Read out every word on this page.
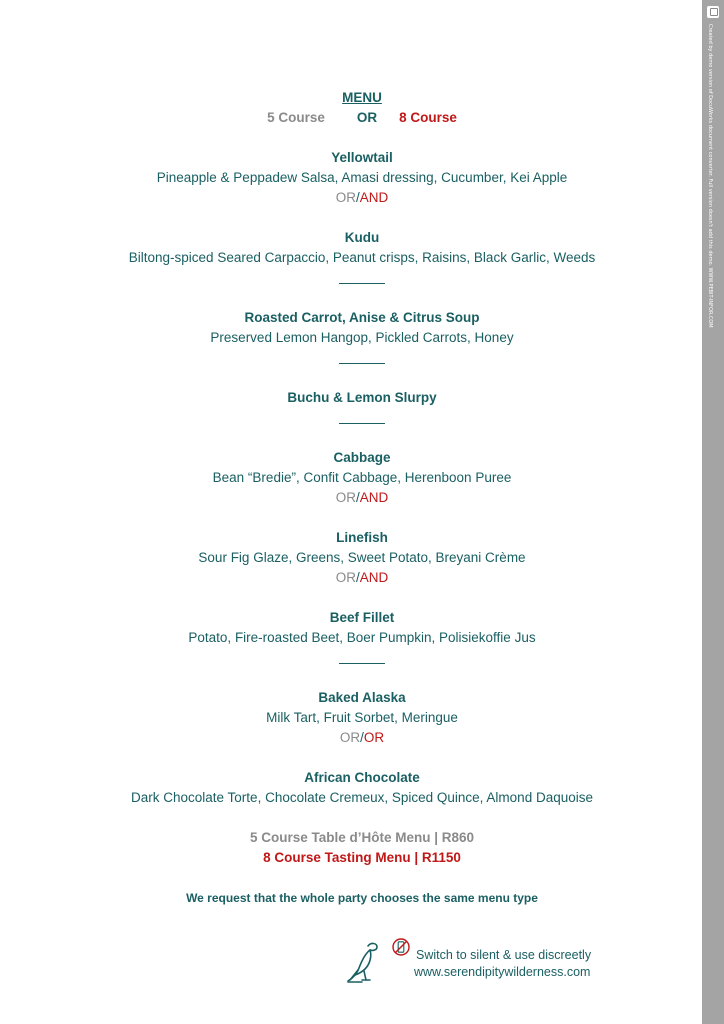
MENU
5 Course OR 8 Course
Yellowtail
Pineapple & Peppadew Salsa, Amasi dressing, Cucumber, Kei Apple
OR/AND
Kudu
Biltong-spiced Seared Carpaccio, Peanut crisps, Raisins, Black Garlic, Weeds
Roasted Carrot, Anise & Citrus Soup
Preserved Lemon Hangop, Pickled Carrots, Honey
Buchu & Lemon Slurpy
Cabbage
Bean “Bredie”, Confit Cabbage, Herenboon Puree
OR/AND
Linefish
Sour Fig Glaze, Greens, Sweet Potato, Breyani Crème
OR/AND
Beef Fillet
Potato, Fire-roasted Beet, Boer Pumpkin, Polisiekoffie Jus
Baked Alaska
Milk Tart, Fruit Sorbet, Meringue
OR/OR
African Chocolate
Dark Chocolate Torte, Chocolate Cremeux, Spiced Quince, Almond Daquoise
5 Course Table d’Hôte Menu | R860
8 Course Tasting Menu | R1150
We request that the whole party chooses the same menu type
Switch to silent & use discreetly
www.serendipitywilderness.com
Created by demo version of DocuWorks document converter. Full version doesn't add this demo. WWW.PEBIT-INFOR.COM
